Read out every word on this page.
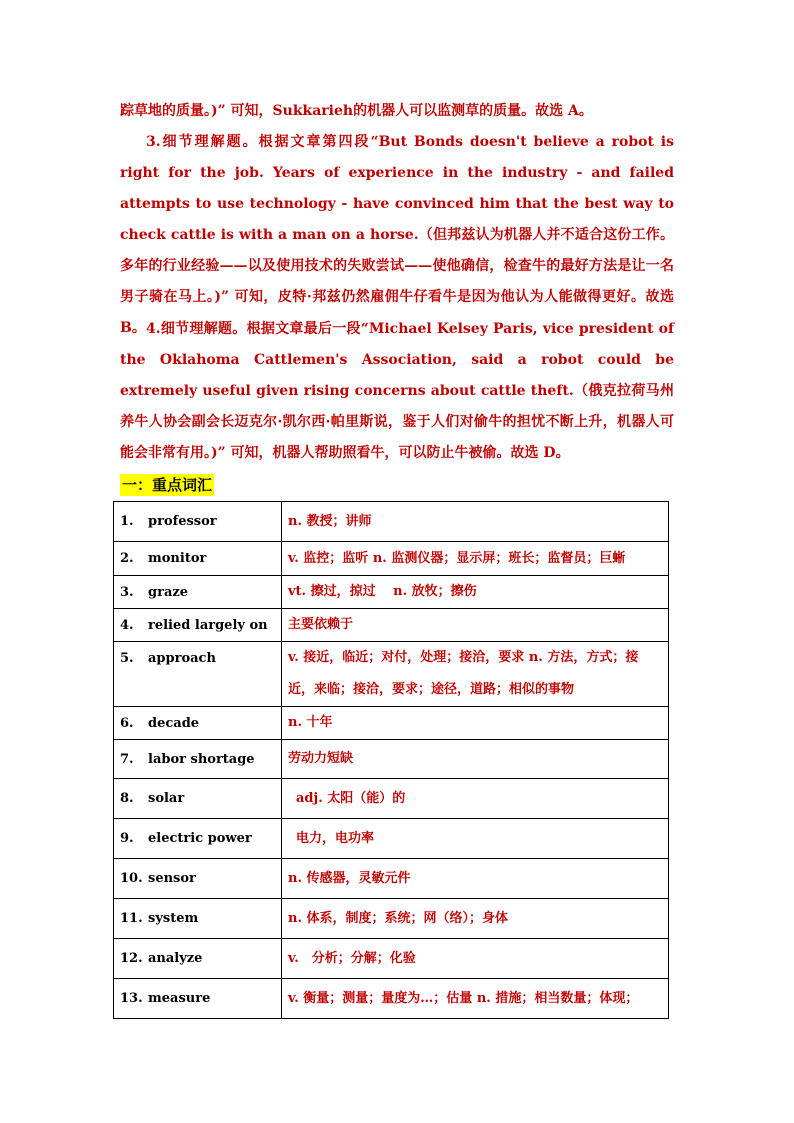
踪草地的质量。)” 可知，Sukkarieh的机器人可以监测草的质量。故选 A。

3.细节理解题。根据文章第四段“But Bonds doesn't believe a robot is right for the job. Years of experience in the industry - and failed attempts to use technology - have convinced him that the best way to check cattle is with a man on a horse.（但邦兹认为机器人并不适合这份工作。多年的行业经验——以及使用技术的失败尝试——使他确信，检查牛的最好方法是让一名男子骑在马上。)” 可知，皮特·邦兹仍然雇佣牛仔看牛是因为他认为人能做得更好。故选 B。 4.细节理解题。根据文章最后一段“Michael Kelsey Paris, vice president of the Oklahoma Cattlemen's Association, said a robot could be extremely useful given rising concerns about cattle theft.（俄克拉荷马州养牛人协会副会长迈克尔·凯尔西·帕里斯说，鉴于人们对偷牛的担忧不断上升，机器人可能会非常有用。)” 可知，机器人帮助照看牛，可以防止牛被偷。故选 D。

一：重点词汇
1. professor	n. 教授；讲师
2. monitor	v. 监控；监听 n. 监测仪器；显示屏；班长；监督员；巨蜥
3. graze	vt. 擦过，掠过　 n. 放牧；擦伤
4. relied largely on	主要依赖于
5. approach	v. 接近，临近；对付，处理；接洽，要求 n. 方法，方式；接近，来临；接洽，要求；途径，道路；相似的事物
6. decade	n. 十年
7. labor shortage	劳动力短缺
8. solar	adj. 太阳（能）的
9. electric power	电力，电功率
10. sensor	n. 传感器，灵敏元件
11. system	n. 体系，制度；系统；网（络）；身体
12. analyze	v.　分析；分解；化验
13. measure	v. 衡量；测量；量度为…；估量 n. 措施；相当数量；体现；
